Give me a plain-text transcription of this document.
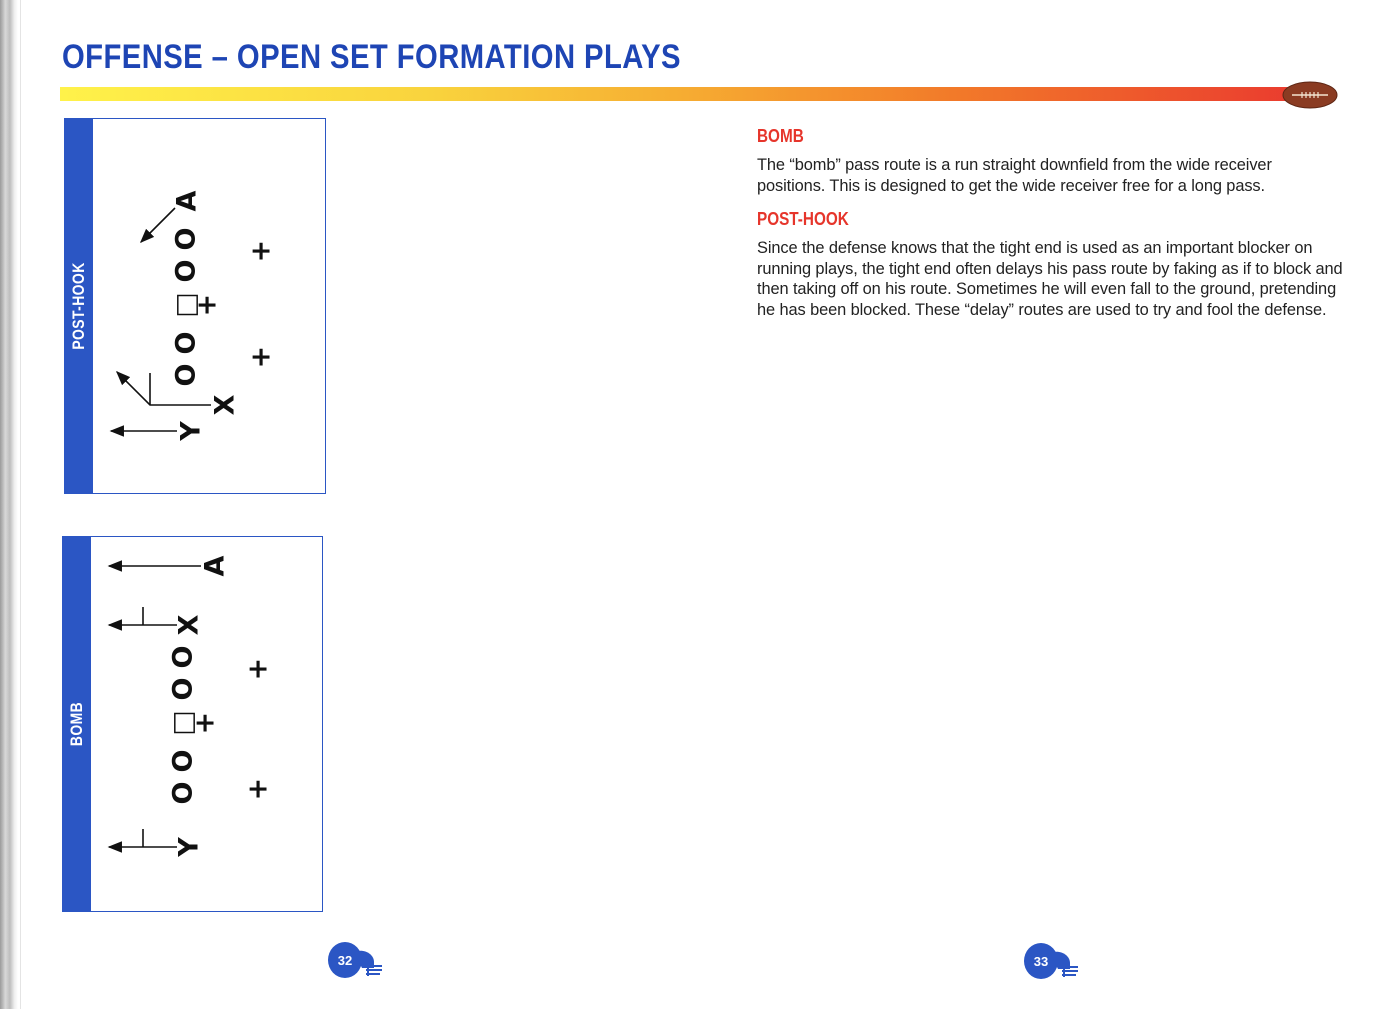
OFFENSE – OPEN SET FORMATION PLAYS
POST-HOOK
A
O
O
□
O
O
X
Y
+
+
+
BOMB
A
X
O
O
□
O
O
Y
+
+
+
BOMB

The “bomb” pass route is a run straight downfield from the wide receiver positions. This is designed to get the wide receiver free for a long pass.

POST-HOOK

Since the defense knows that the tight end is used as an important blocker on running plays, the tight end often delays his pass route by faking as if to block and then taking off on his route. Sometimes he will even fall to the ground, pretending he has been blocked. These “delay” routes are used to try and fool the defense.

32	33
